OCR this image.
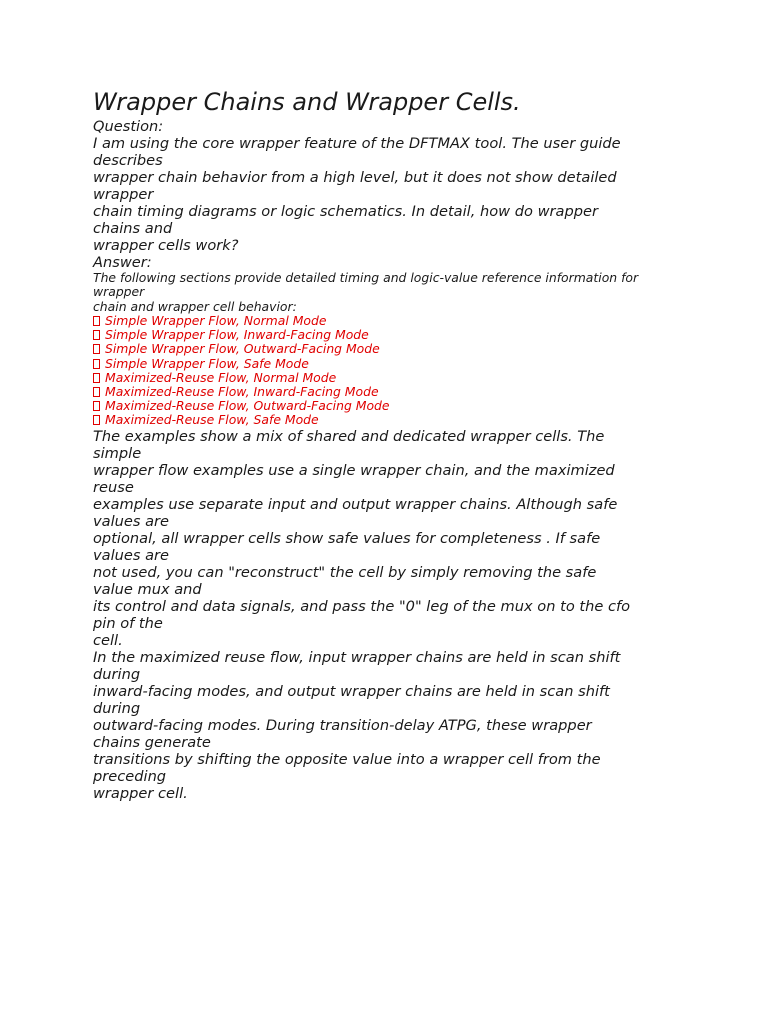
Wrapper Chains and Wrapper Cells.
Question:
I am using the core wrapper feature of the DFTMAX tool. The user guide
describes
wrapper chain behavior from a high level, but it does not show detailed
wrapper
chain timing diagrams or logic schematics. In detail, how do wrapper
chains and
wrapper cells work?
Answer:
The following sections provide detailed timing and logic-value reference information for
wrapper
chain and wrapper cell behavior:
Simple Wrapper Flow, Normal Mode
Simple Wrapper Flow, Inward-Facing Mode
Simple Wrapper Flow, Outward-Facing Mode
Simple Wrapper Flow, Safe Mode
Maximized-Reuse Flow, Normal Mode
Maximized-Reuse Flow, Inward-Facing Mode
Maximized-Reuse Flow, Outward-Facing Mode
Maximized-Reuse Flow, Safe Mode
The examples show a mix of shared and dedicated wrapper cells. The
simple
wrapper flow examples use a single wrapper chain, and the maximized
reuse
examples use separate input and output wrapper chains. Although safe
values are
optional, all wrapper cells show safe values for completeness . If safe
values are
not used, you can "reconstruct" the cell by simply removing the safe
value mux and
its control and data signals, and pass the "0" leg of the mux on to the cfo
pin of the
cell.
In the maximized reuse flow, input wrapper chains are held in scan shift
during
inward-facing modes, and output wrapper chains are held in scan shift
during
outward-facing modes. During transition-delay ATPG, these wrapper
chains generate
transitions by shifting the opposite value into a wrapper cell from the
preceding
wrapper cell.
